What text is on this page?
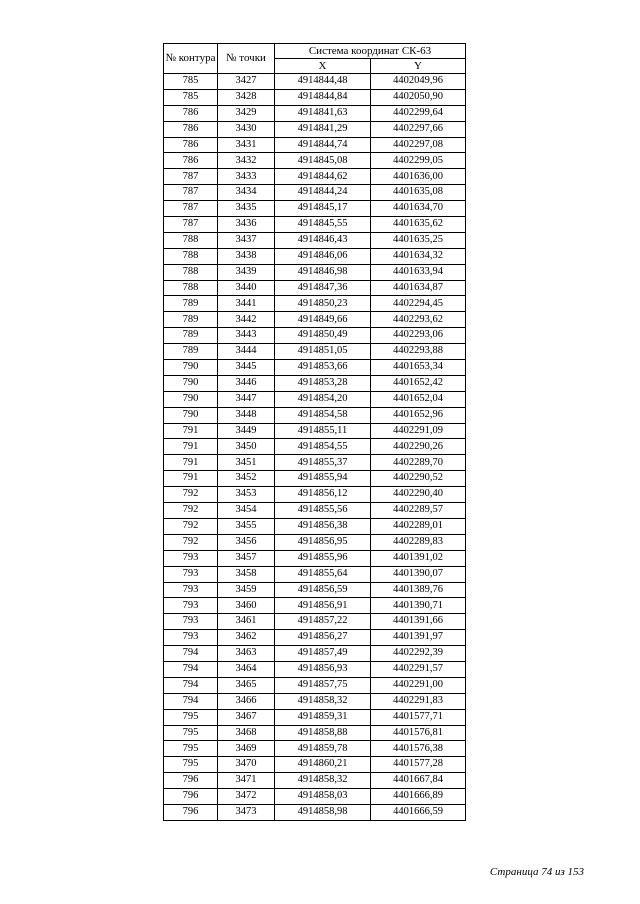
№ контура	№ точки	Система координат СК-63	
		X	Y
785	3427	4914844,48	4402049,96
785	3428	4914844,84	4402050,90
786	3429	4914841,63	4402299,64
786	3430	4914841,29	4402297,66
786	3431	4914844,74	4402297,08
786	3432	4914845,08	4402299,05
787	3433	4914844,62	4401636,00
787	3434	4914844,24	4401635,08
787	3435	4914845,17	4401634,70
787	3436	4914845,55	4401635,62
788	3437	4914846,43	4401635,25
788	3438	4914846,06	4401634,32
788	3439	4914846,98	4401633,94
788	3440	4914847,36	4401634,87
789	3441	4914850,23	4402294,45
789	3442	4914849,66	4402293,62
789	3443	4914850,49	4402293,06
789	3444	4914851,05	4402293,88
790	3445	4914853,66	4401653,34
790	3446	4914853,28	4401652,42
790	3447	4914854,20	4401652,04
790	3448	4914854,58	4401652,96
791	3449	4914855,11	4402291,09
791	3450	4914854,55	4402290,26
791	3451	4914855,37	4402289,70
791	3452	4914855,94	4402290,52
792	3453	4914856,12	4402290,40
792	3454	4914855,56	4402289,57
792	3455	4914856,38	4402289,01
792	3456	4914856,95	4402289,83
793	3457	4914855,96	4401391,02
793	3458	4914855,64	4401390,07
793	3459	4914856,59	4401389,76
793	3460	4914856,91	4401390,71
793	3461	4914857,22	4401391,66
793	3462	4914856,27	4401391,97
794	3463	4914857,49	4402292,39
794	3464	4914856,93	4402291,57
794	3465	4914857,75	4402291,00
794	3466	4914858,32	4402291,83
795	3467	4914859,31	4401577,71
795	3468	4914858,88	4401576,81
795	3469	4914859,78	4401576,38
795	3470	4914860,21	4401577,28
796	3471	4914858,32	4401667,84
796	3472	4914858,03	4401666,89
796	3473	4914858,98	4401666,59
Страница 74 из 153
